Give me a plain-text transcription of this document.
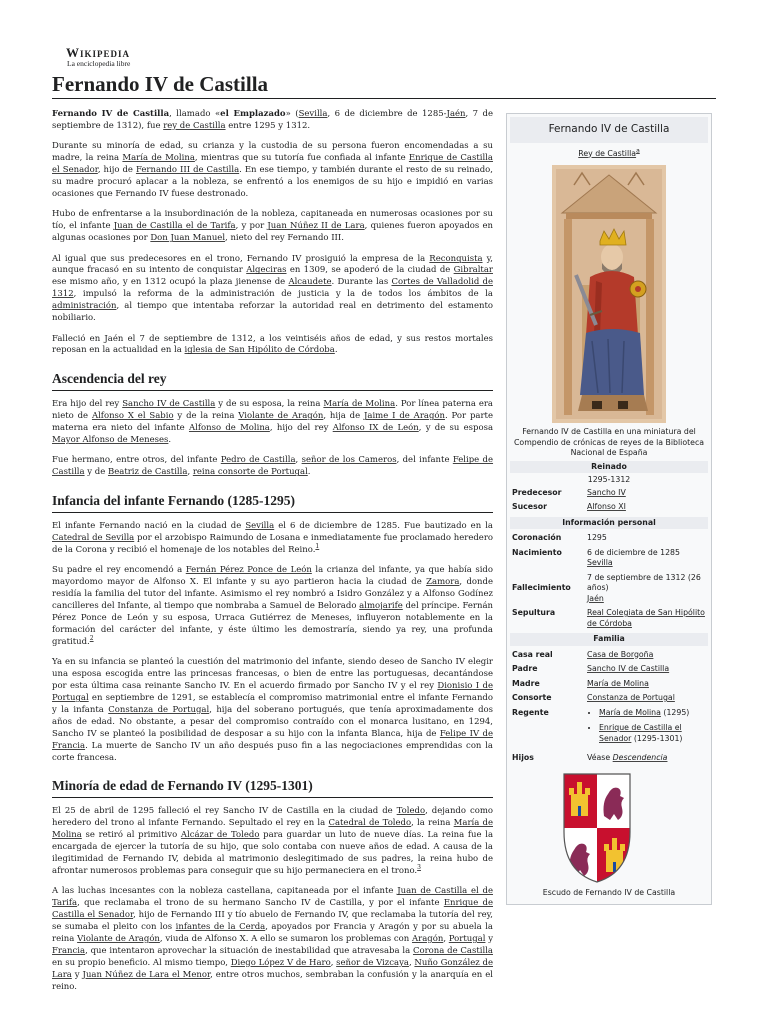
Wikipedia
La enciclopedia libre
Fernando IV de Castilla

Fernando IV de Castilla, llamado «el Emplazado» (Sevilla, 6 de diciembre de 1285-Jaén, 7 de septiembre de 1312), fue rey de Castilla entre 1295 y 1312.

Durante su minoría de edad, su crianza y la custodia de su persona fueron encomendadas a su madre, la reina María de Molina, mientras que su tutoría fue confiada al infante Enrique de Castilla el Senador, hijo de Fernando III de Castilla. En ese tiempo, y también durante el resto de su reinado, su madre procuró aplacar a la nobleza, se enfrentó a los enemigos de su hijo e impidió en varias ocasiones que Fernando IV fuese destronado.

Hubo de enfrentarse a la insubordinación de la nobleza, capitaneada en numerosas ocasiones por su tío, el infante Juan de Castilla el de Tarifa, y por Juan Núñez II de Lara, quienes fueron apoyados en algunas ocasiones por Don Juan Manuel, nieto del rey Fernando III.

Al igual que sus predecesores en el trono, Fernando IV prosiguió la empresa de la Reconquista y, aunque fracasó en su intento de conquistar Algeciras en 1309, se apoderó de la ciudad de Gibraltar ese mismo año, y en 1312 ocupó la plaza jienense de Alcaudete. Durante las Cortes de Valladolid de 1312, impulsó la reforma de la administración de justicia y la de todos los ámbitos de la administración, al tiempo que intentaba reforzar la autoridad real en detrimento del estamento nobiliario.

Falleció en Jaén el 7 de septiembre de 1312, a los veintiséis años de edad, y sus restos mortales reposan en la actualidad en la iglesia de San Hipólito de Córdoba.

Ascendencia del rey

Era hijo del rey Sancho IV de Castilla y de su esposa, la reina María de Molina. Por línea paterna era nieto de Alfonso X el Sabio y de la reina Violante de Aragón, hija de Jaime I de Aragón. Por parte materna era nieto del infante Alfonso de Molina, hijo del rey Alfonso IX de León, y de su esposa Mayor Alfonso de Meneses.

Fue hermano, entre otros, del infante Pedro de Castilla, señor de los Cameros, del infante Felipe de Castilla y de Beatriz de Castilla, reina consorte de Portugal.

Infancia del infante Fernando (1285-1295)

El infante Fernando nació en la ciudad de Sevilla el 6 de diciembre de 1285. Fue bautizado en la Catedral de Sevilla por el arzobispo Raimundo de Losana e inmediatamente fue proclamado heredero de la Corona y recibió el homenaje de los notables del Reino.$^1$

Su padre el rey encomendó a Fernán Pérez Ponce de León la crianza del infante, ya que había sido mayordomo mayor de Alfonso X. El infante y su ayo partieron hacia la ciudad de Zamora, donde residía la familia del tutor del infante. Asimismo el rey nombró a Isidro González y a Alfonso Godínez cancilleres del Infante, al tiempo que nombraba a Samuel de Belorado almojarife del príncipe. Fernán Pérez Ponce de León y su esposa, Urraca Gutiérrez de Meneses, influyeron notablemente en la formación del carácter del infante, y éste último les demostraría, siendo ya rey, una profunda gratitud.$^2$

Ya en su infancia se planteó la cuestión del matrimonio del infante, siendo deseo de Sancho IV elegir una esposa escogida entre las princesas francesas, o bien de entre las portuguesas, decantándose por esta última casa reinante Sancho IV. En el acuerdo firmado por Sancho IV y el rey Dionisio I de Portugal en septiembre de 1291, se establecía el compromiso matrimonial entre el infante Fernando y la infanta Constanza de Portugal, hija del soberano portugués, que tenía aproximadamente dos años de edad. No obstante, a pesar del compromiso contraído con el monarca lusitano, en 1294, Sancho IV se planteó la posibilidad de desposar a su hijo con la infanta Blanca, hija de Felipe IV de Francia. La muerte de Sancho IV un año después puso fin a las negociaciones emprendidas con la corte francesa.

Minoría de edad de Fernando IV (1295-1301)

El 25 de abril de 1295 falleció el rey Sancho IV de Castilla en la ciudad de Toledo, dejando como heredero del trono al infante Fernando. Sepultado el rey en la Catedral de Toledo, la reina María de Molina se retiró al primitivo Alcázar de Toledo para guardar un luto de nueve días. La reina fue la encargada de ejercer la tutoría de su hijo, que solo contaba con nueve años de edad. A causa de la ilegitimidad de Fernando IV, debida al matrimonio deslegitimado de sus padres, la reina hubo de afrontar numerosos problemas para conseguir que su hijo permaneciera en el trono.$^3$

Fernando IV de Castilla
Rey de Castilla$^a$
Fernando IV de Castilla en una miniatura del Compendio de crónicas de reyes de la Biblioteca Nacional de España
Reinado
1295-1312
Predecesor	Sancho IV
Sucesor	Alfonso XI
Información personal
Coronación	1295
Nacimiento	6 de diciembre de 1285
Sevilla
Fallecimiento
7 de septiembre de 1312 (26 años)
Jaén
Sepultura	Real Colegiata de San Hipólito de Córdoba
Familia
Casa real	Casa de Borgoña
Padre	Sancho IV de Castilla
Madre	María de Molina
Consorte	Constanza de Portugal
Regente
•	María de Molina (1295)
• Enrique de Castilla el Senador (1295-1301)
Hijos	Véase Descendencia
Escudo de Fernando IV de Castilla

A las luchas incesantes con la nobleza castellana, capitaneada por el infante Juan de Castilla el de Tarifa, que reclamaba el trono de su hermano Sancho IV de Castilla, y por el infante Enrique de Castilla el Senador, hijo de Fernando III y tío abuelo de Fernando IV, que reclamaba la tutoría del rey, se sumaba el pleito con los infantes de la Cerda, apoyados por Francia y Aragón y por su abuela la reina Violante de Aragón, viuda de Alfonso X. A ello se sumaron los problemas con Aragón, Portugal y Francia, que intentaron aprovechar la situación de inestabilidad que atravesaba la Corona de Castilla en su propio beneficio. Al mismo tiempo, Diego López V de Haro, señor de Vizcaya, Nuño González de Lara y Juan Núñez de Lara el Menor, entre otros muchos, sembraban la confusión y la anarquía en el reino.
